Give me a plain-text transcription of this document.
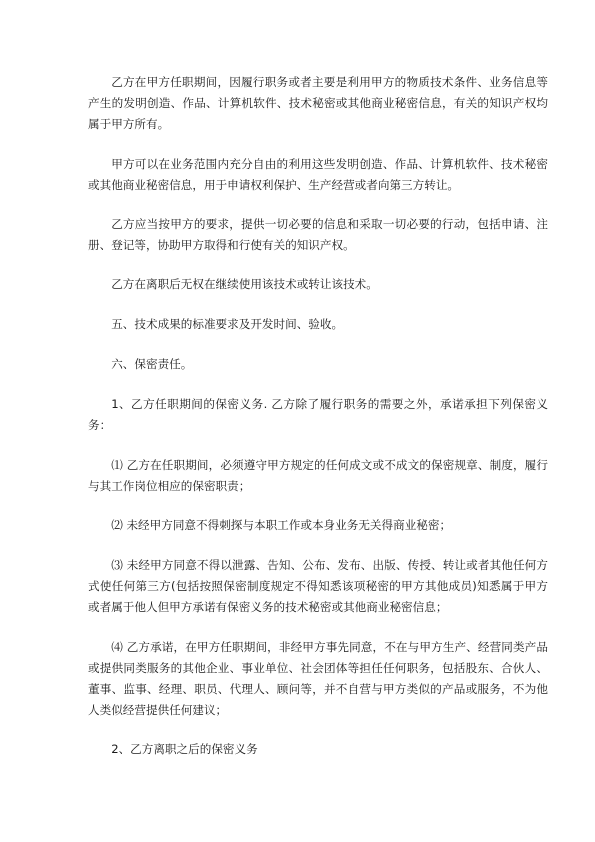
乙方在甲方任职期间，因履行职务或者主要是利用甲方的物质技术条件、业务信息等产生的发明创造、作品、计算机软件、技术秘密或其他商业秘密信息，有关的知识产权均属于甲方所有。

甲方可以在业务范围内充分自由的利用这些发明创造、作品、计算机软件、技术秘密或其他商业秘密信息，用于申请权利保护、生产经营或者向第三方转让。

乙方应当按甲方的要求，提供一切必要的信息和采取一切必要的行动，包括申请、注册、登记等，协助甲方取得和行使有关的知识产权。

乙方在离职后无权在继续使用该技术或转让该技术。

五、技术成果的标准要求及开发时间、验收。

六、保密责任。

1、乙方任职期间的保密义务. 乙方除了履行职务的需要之外，承诺承担下列保密义务：

⑴ 乙方在任职期间，必须遵守甲方规定的任何成文或不成文的保密规章、制度，履行与其工作岗位相应的保密职责；

⑵ 未经甲方同意不得刺探与本职工作或本身业务无关得商业秘密；

⑶ 未经甲方同意不得以泄露、告知、公布、发布、出版、传授、转让或者其他任何方式使任何第三方(包括按照保密制度规定不得知悉该项秘密的甲方其他成员)知悉属于甲方或者属于他人但甲方承诺有保密义务的技术秘密或其他商业秘密信息；

⑷ 乙方承诺，在甲方任职期间，非经甲方事先同意，不在与甲方生产、经营同类产品或提供同类服务的其他企业、事业单位、社会团体等担任任何职务，包括股东、合伙人、董事、监事、经理、职员、代理人、顾问等，并不自营与甲方类似的产品或服务，不为他人类似经营提供任何建议；

2、乙方离职之后的保密义务
